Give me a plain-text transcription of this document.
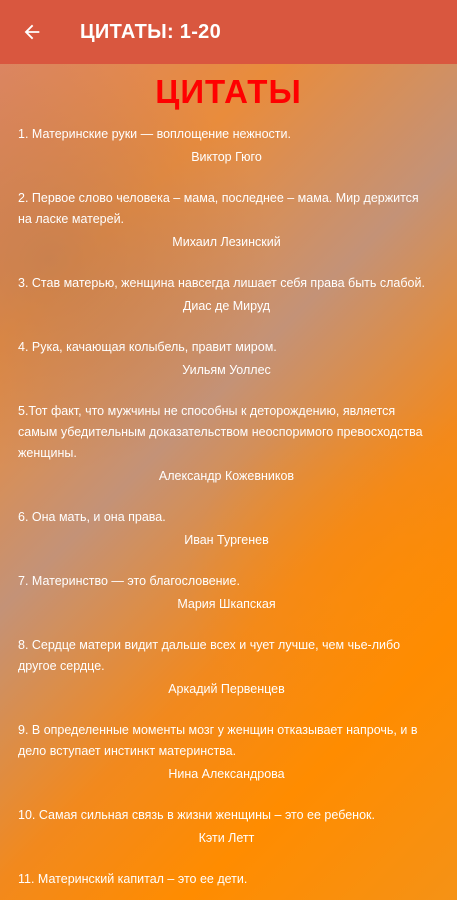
ЦИТАТЫ: 1-20
ЦИТАТЫ
1. Материнские руки — воплощение нежности.
Виктор Гюго
2. Первое слово человека – мама, последнее – мама. Мир держится на ласке матерей.
Михаил Лезинский
3. Став матерью, женщина навсегда лишает себя права быть слабой.
Диас де Мируд
4. Рука, качающая колыбель, правит миром.
Уильям Уоллес
5.Тот факт, что мужчины не способны к деторождению, является самым убедительным доказательством неоспоримого превосходства женщины.
Александр Кожевников
6. Она мать, и она права.
Иван Тургенев
7. Материнство — это благословение.
Мария Шкапская
8. Сердце матери видит дальше всех и чует лучше, чем чье-либо другое сердце.
Аркадий Первенцев
9. В определенные моменты мозг у женщин отказывает напрочь, и в дело вступает инстинкт материнства.
Нина Александрова
10. Самая сильная связь в жизни женщины – это ее ребенок.
Кэти Летт
11. Материнский капитал – это ее дети.
